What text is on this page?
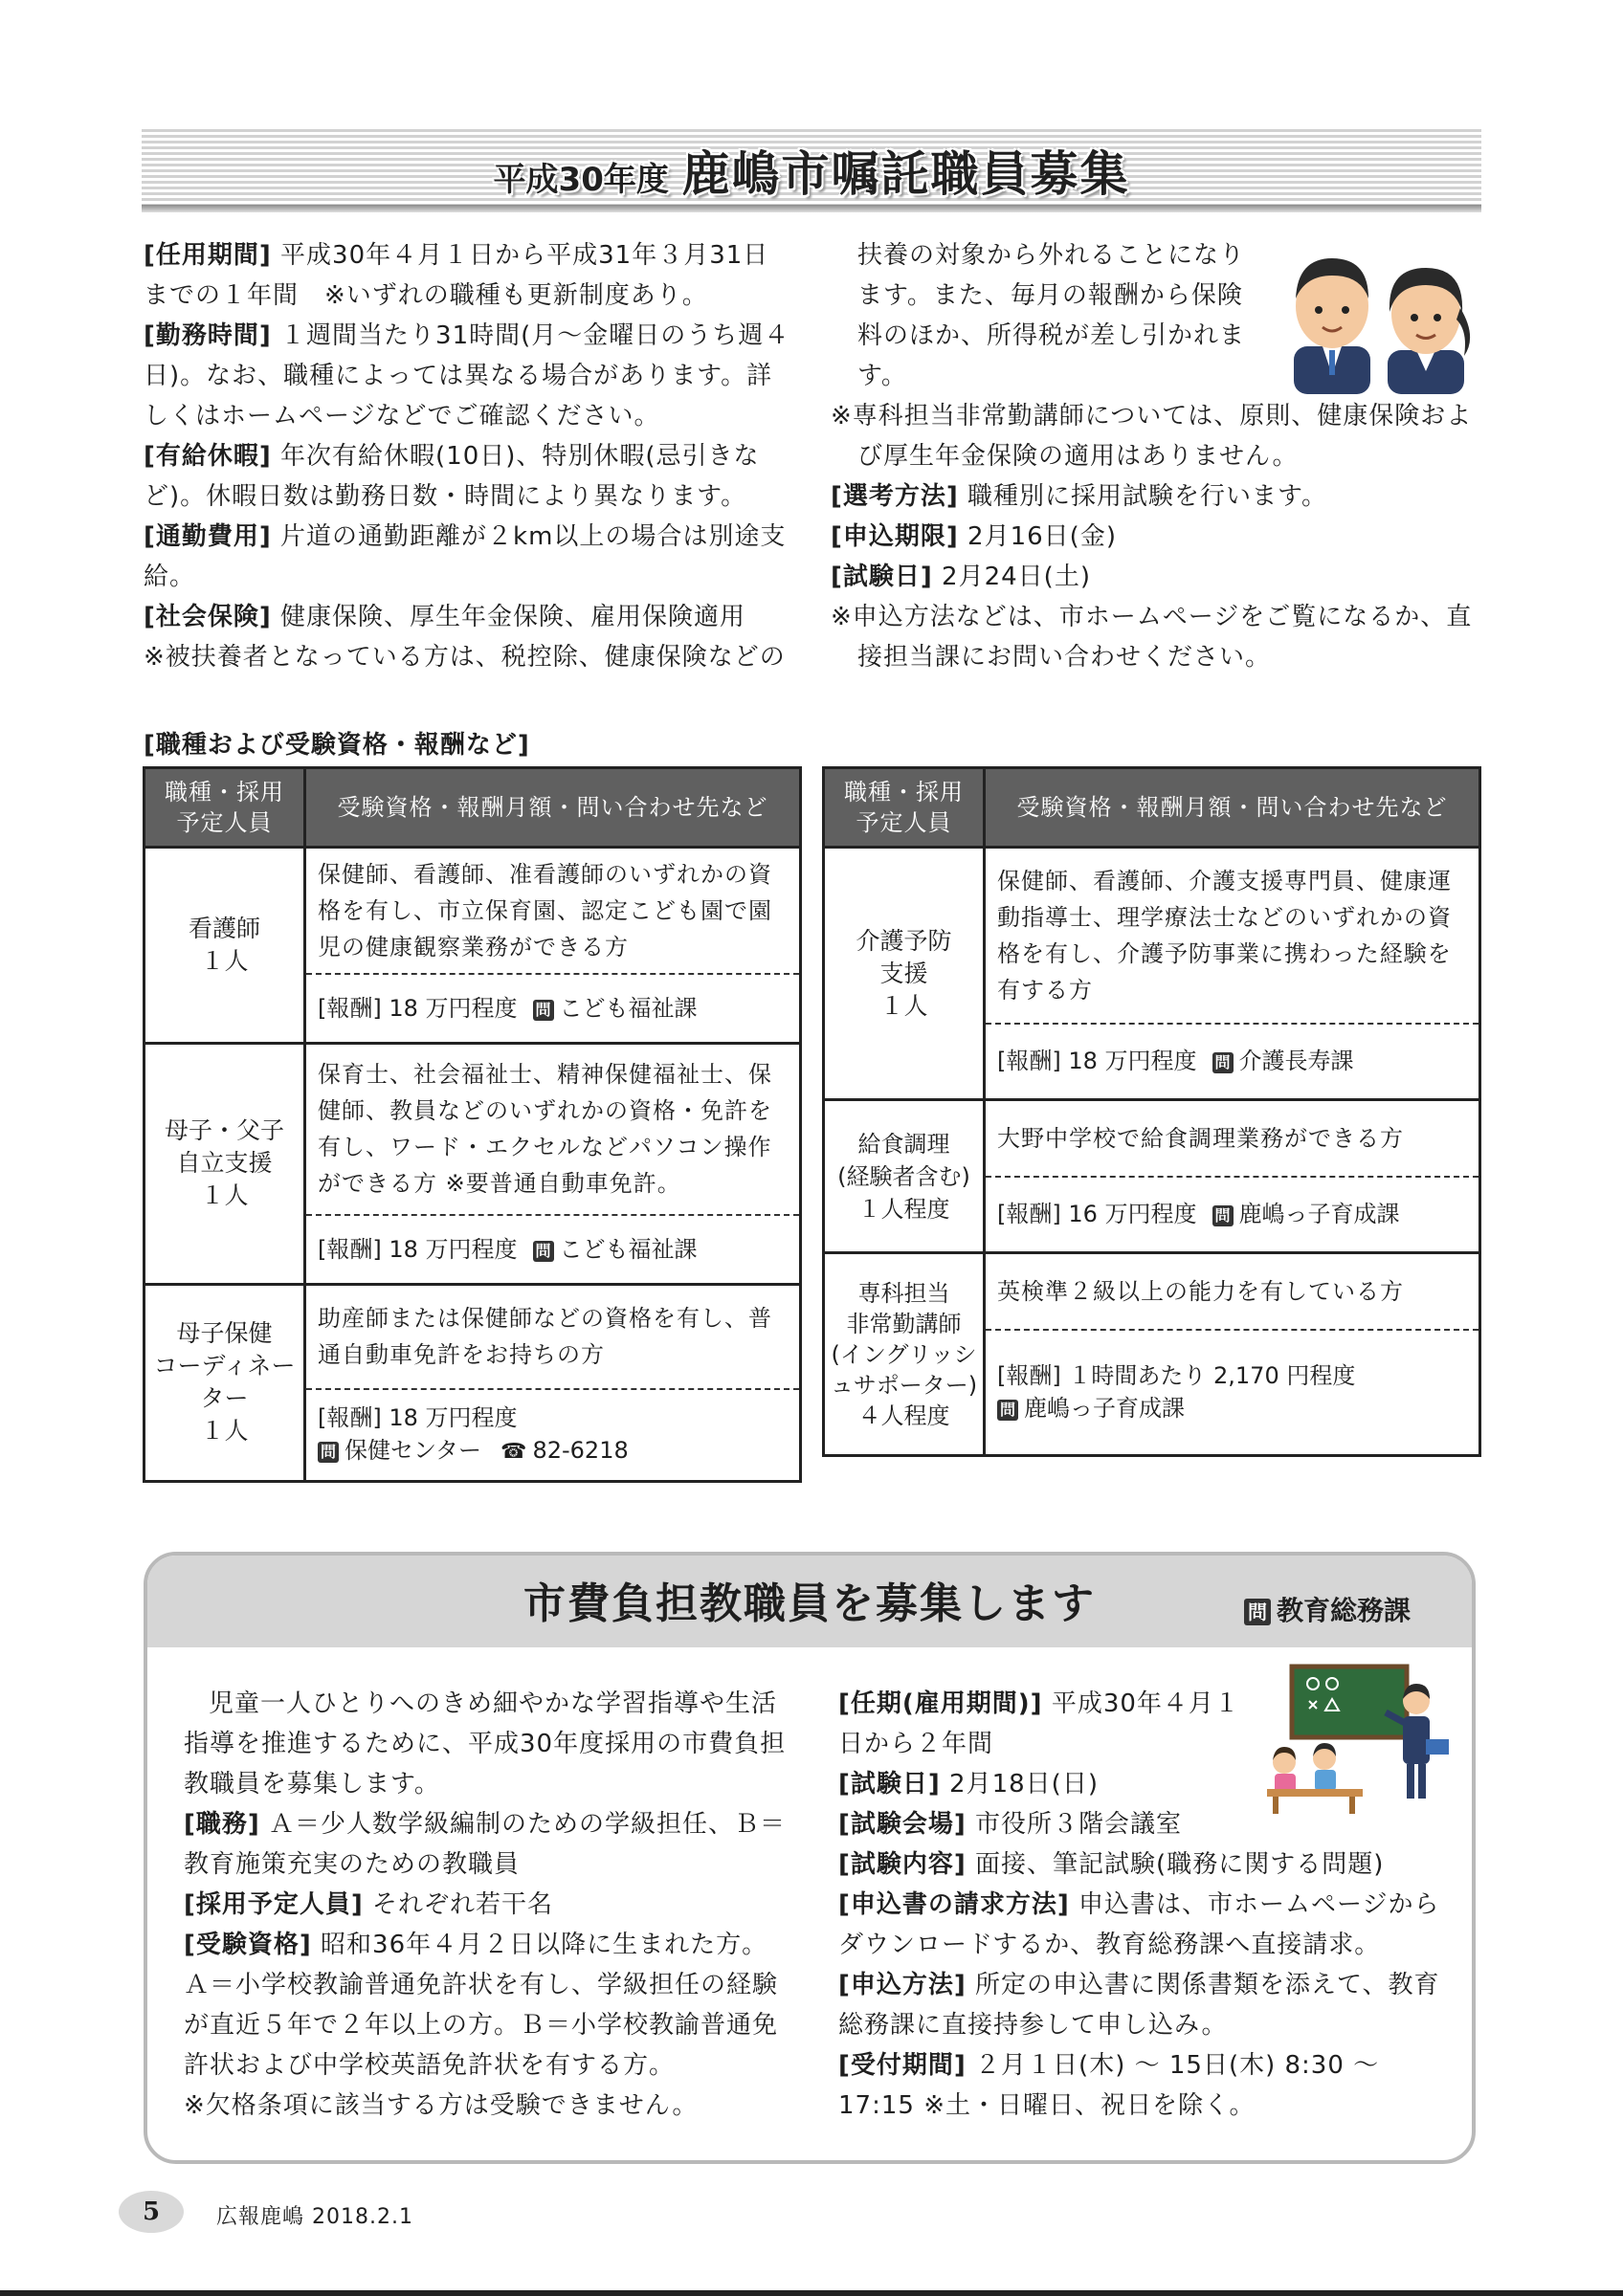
平成30年度 鹿嶋市嘱託職員募集

[任用期間] 平成30年４月１日から平成31年３月31日までの１年間　※いずれの職種も更新制度あり。

[勤務時間] １週間当たり31時間(月～金曜日のうち週４日)。なお、職種によっては異なる場合があります。詳しくはホームページなどでご確認ください。

[有給休暇] 年次有給休暇(10日)、特別休暇(忌引きなど)。休暇日数は勤務日数・時間により異なります。

[通勤費用] 片道の通勤距離が２km以上の場合は別途支給。

[社会保険] 健康保険、厚生年金保険、雇用保険適用

※被扶養者となっている方は、税控除、健康保険などの

扶養の対象から外れることになります。また、毎月の報酬から保険料のほか、所得税が差し引かれます。

※専科担当非常勤講師については、原則、健康保険および厚生年金保険の適用はありません。

[選考方法] 職種別に採用試験を行います。

[申込期限] 2月16日(金)

[試験日] 2月24日(土)

※申込方法などは、市ホームページをご覧になるか、直接担当課にお問い合わせください。

[職種および受験資格・報酬など]
職種・採用予定人員	受験資格・報酬月額・問い合わせ先など

看護師
１人	保健師、看護師、准看護師のいずれかの資格を有し、市立保育園、認定こども園で園児の健康観察業務ができる方
	[報酬] 18 万円程度 問 こども福祉課

母子・父子
自立支援
１人	保育士、社会福祉士、精神保健福祉士、保健師、教員などのいずれかの資格・免許を有し、ワード・エクセルなどパソコン操作ができる方 ※要普通自動車免許。
	[報酬] 18 万円程度 問 こども福祉課

母子保健
コーディネーター
１人	助産師または保健師などの資格を有し、普通自動車免許をお持ちの方
	[報酬] 18 万円程度
問 保健センター ☎ 82-6218
職種・採用予定人員	受験資格・報酬月額・問い合わせ先など

介護予防
支援
１人	保健師、看護師、介護支援専門員、健康運動指導士、理学療法士などのいずれかの資格を有し、介護予防事業に携わった経験を有する方
	[報酬] 18 万円程度 問 介護長寿課

給食調理
(経験者含む)
１人程度	大野中学校で給食調理業務ができる方
	[報酬] 16 万円程度 問 鹿嶋っ子育成課

専科担当
非常勤講師
(イングリッシュサポーター)
４人程度	英検準２級以上の能力を有している方
	[報酬] １時間あたり 2,170 円程度
問 鹿嶋っ子育成課
市費負担教職員を募集します	問 教育総務課

児童一人ひとりへのきめ細やかな学習指導や生活指導を推進するために、平成30年度採用の市費負担教職員を募集します。

[職務] Ａ＝少人数学級編制のための学級担任、Ｂ＝教育施策充実のための教職員

[採用予定人員] それぞれ若干名

[受験資格] 昭和36年４月２日以降に生まれた方。Ａ＝小学校教諭普通免許状を有し、学級担任の経験が直近５年で２年以上の方。Ｂ＝小学校教諭普通免許状および中学校英語免許状を有する方。

※欠格条項に該当する方は受験できません。

[任期(雇用期間)] 平成30年４月１日から２年間

[試験日] 2月18日(日)

[試験会場] 市役所３階会議室

[試験内容] 面接、筆記試験(職務に関する問題)

[申込書の請求方法] 申込書は、市ホームページからダウンロードするか、教育総務課へ直接請求。

[申込方法] 所定の申込書に関係書類を添えて、教育総務課に直接持参して申し込み。

[受付期間] ２月１日(木) ～ 15日(木) 8:30 ～ 17:15 ※土・日曜日、祝日を除く。

5	広報鹿嶋 2018.2.1
